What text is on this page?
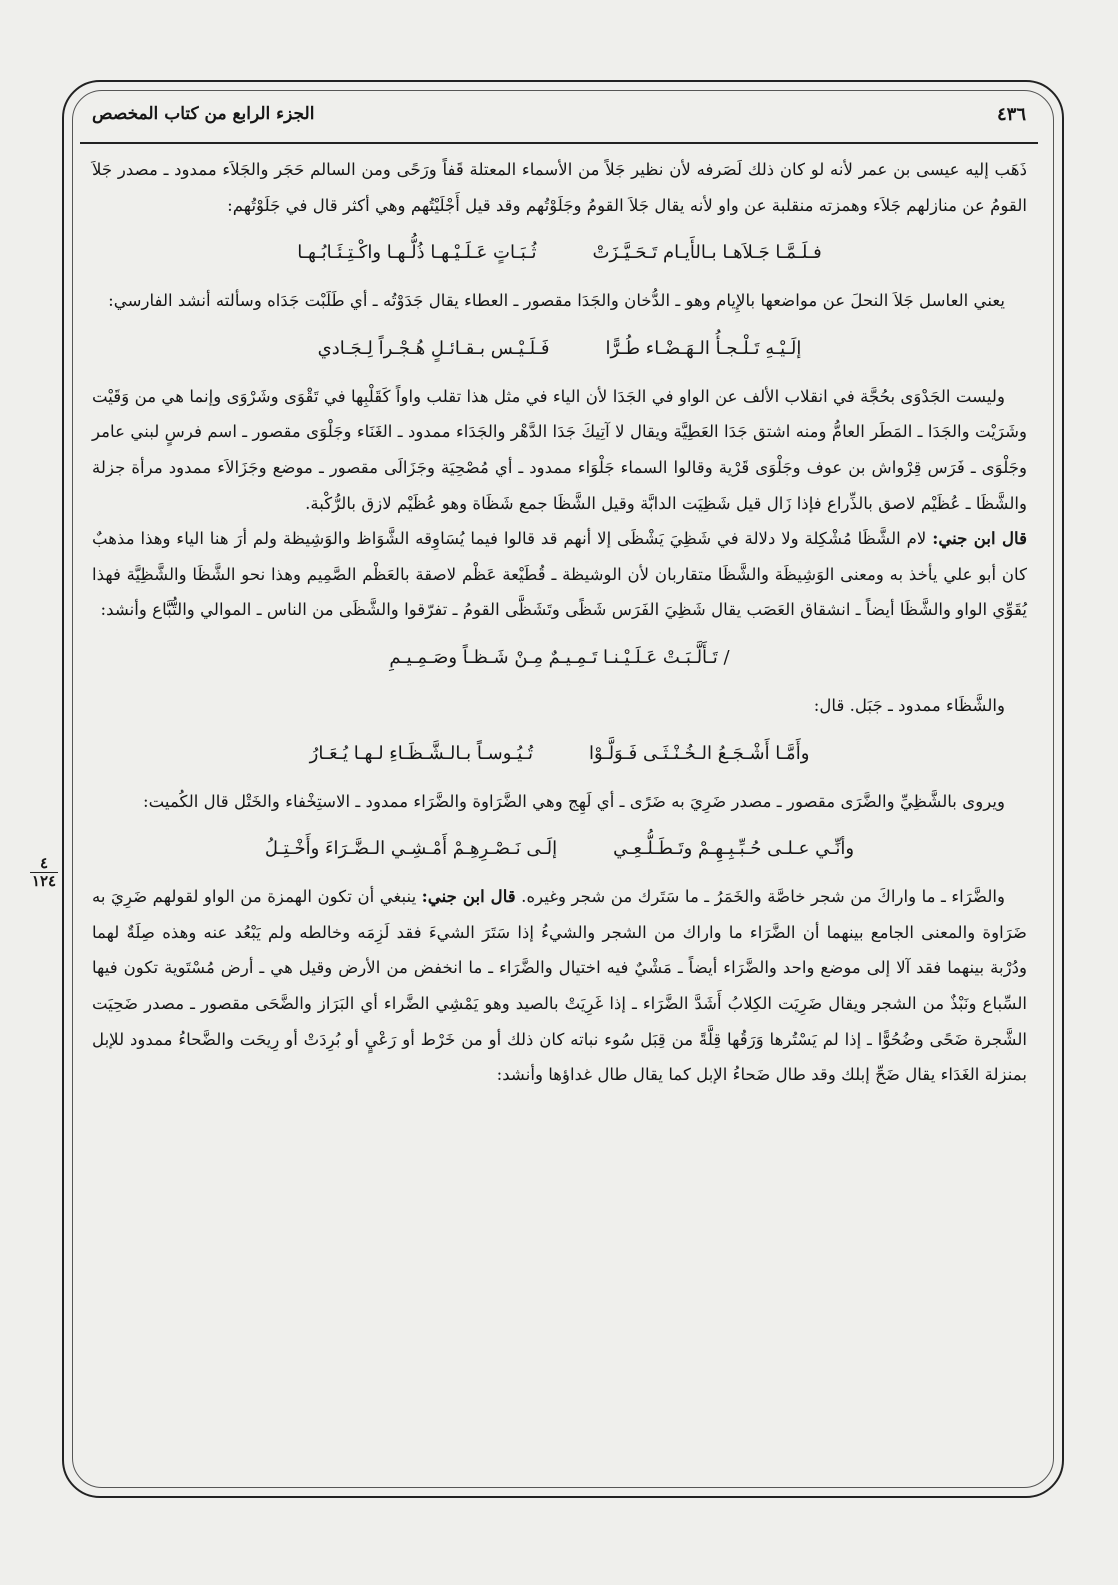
٤٣٦
الجزء الرابع من كتاب المخصص
٤
١٢٤

ذَهَب إليه عيسى بن عمر لأنه لو كان ذلك لَصَرفه لأن نظير جَلاً من الأسماء المعتلة قَفاً ورَحًى ومن السالم حَجَر والجَلاَء ممدود ـ مصدر جَلاَ القومُ عن منازلهم جَلاَء وهمزته منقلبة عن واو لأنه يقال جَلاَ القومُ وجَلَوْتُهم وقد قيل أَجْلَيْتُهم وهي أكثر قال في جَلَوْتُهم:

فـلَـمَّـا جَـلاَهـا بـالأَيـام تَـحَـيَّـزَتْ
ثُـبَـاتٍ عَـلَـيْـهـا ذُلُّـهـا واكْـتِـئَـابُـهـا

يعني العاسل جَلاَ النحلَ عن مواضعها بالإِيام وهو ـ الدُّخان والجَدَا مقصور ـ العطاء يقال جَدَوْتُه ـ أي طَلَبْت جَدَاه وسألته أنشد الفارسي:

إلَـيْـهِ تَـلْـجـأُ الـهَـضْـاء طُـرًّا
فَـلَـيْـس بـقـائـلٍ هُـجْـراً لِـجَـادي

وليست الجَدْوَى بحُجَّة في انقلاب الألف عن الواو في الجَدَا لأن الياء في مثل هذا تقلب واواً كَقَلْبِها في تَقْوَى وشَرْوَى وإنما هي من وَقَيْت وشَرَيْت والجَدَا ـ المَطَر العامُّ ومنه اشتق جَدَا العَطِيَّة ويقال لا آتِيكَ جَدَا الدَّهْر والجَدَاء ممدود ـ الغَنَاء وجَلْوَى مقصور ـ اسم فرسٍ لبني عامر وجَلْوَى ـ فَرَس قِرْواش بن عوف وجَلْوَى قَرْية وقالوا السماء جَلْوَاء ممدود ـ أي مُصْحِيَة وجَزَالَى مقصور ـ موضع وجَزَالاَء ممدود مرأة جزلة والشَّظَا ـ عُظَيْم لاصق بالذِّراع فإذا زَال قيل شَظِيَت الدابَّة وقيل الشَّظَا جمع شَظَاة وهو عُظَيْم لازق بالرُّكْبة.

قال ابن جني: لام الشَّظَا مُشْكِلة ولا دلالة في شَظِيَ يَشْظَى إلا أنهم قد قالوا فيما يُسَاوِقه الشَّوَاظ والوَشِيظة ولم أرَ هنا الياء وهذا مذهبٌ كان أبو علي يأخذ به ومعنى الوَشِيظَة والشَّظَا متقاربان لأن الوشيظة ـ قُطَيْعة عَظْم لاصقة بالعَظْم الصَّمِيم وهذا نحو الشَّظَا والشَّظِيَّة فهذا يُقَوِّي الواو والشَّظَا أيضاً ـ انشقاق العَصَب يقال شَظِيَ الفَرَس شَظًى وتَشَظَّى القومُ ـ تفرّقوا والشَّظَى من الناس ـ الموالي والتُّبَّاع وأنشد:

/ تَـأَلَّـبَـتْ عَـلَـيْـنـا تَـمِـيـمٌ مِـنْ شَـظـاً وصَـمِـيـمِ

والشَّظَاء ممدود ـ جَبَل. قال:

وأَمَّـا أَشْـجَـعُ الـخُـنْـثَـى فَـوَلَّـوْا
تُـيُـوسـاً بـالـشَّـظَـاءِ لـهـا يُـعَـارُ

ويروى بالشَّظِيِّ والضَّرَى مقصور ـ مصدر ضَرِيَ به ضَرًى ـ أي لَهِج وهي الضَّرَاوة والضَّرَاء ممدود ـ الاستِخْفاء والخَتْل قال الكُميت:

وأنِّـي عـلـى حُـبِّـبِـهِـمْ وتَـطَـلُّـعِـي
إلَـى نَـصْـرِهِـمْ أَمْـشِـي الـضَّـرَاءَ وأَخْـتِـلُ

والضَّرَاء ـ ما واراكَ من شجر خاصَّة والخَمَرُ ـ ما سَتَرك من شجر وغيره. قال ابن جني: ينبغي أن تكون الهمزة من الواو لقولهم ضَرِيَ به ضَرَاوة والمعنى الجامع بينهما أن الضَّرَاء ما واراك من الشجر والشيءُ إذا سَتَرَ الشيءَ فقد لَزِمَه وخالطه ولم يَبْعُد عنه وهذه صِلَةٌ لهما ودُرْبة بينهما فقد آلا إلى موضع واحد والضَّرَاء أيضاً ـ مَشْيٌ فيه اختيال والضَّرَاء ـ ما انخفض من الأرض وقيل هي ـ أرض مُسْتَوية تكون فيها السِّباع ونَبْذٌ من الشجر ويقال ضَرِيَت الكِلابُ أَشَدَّ الضَّرَاء ـ إذا غَرِيَتْ بالصيد وهو يَمْشِي الضَّراء أي البَرَاز والضَّحَى مقصور ـ مصدر ضَحِيَت الشَّجرة ضَحًى وضُحُوًّا ـ إذا لم يَسْتُرها وَرَقُها قِلَّةً من قِبَل سُوء نباته كان ذلك أو من خَرْط أو رَعْيٍ أو بُرِدَتْ أو رِيحَت والضَّحاءُ ممدود للإبل بمنزلة الغَدَاء يقال ضَحِّ إبلك وقد طال ضَحاءُ الإبل كما يقال طال غداؤها وأنشد:
